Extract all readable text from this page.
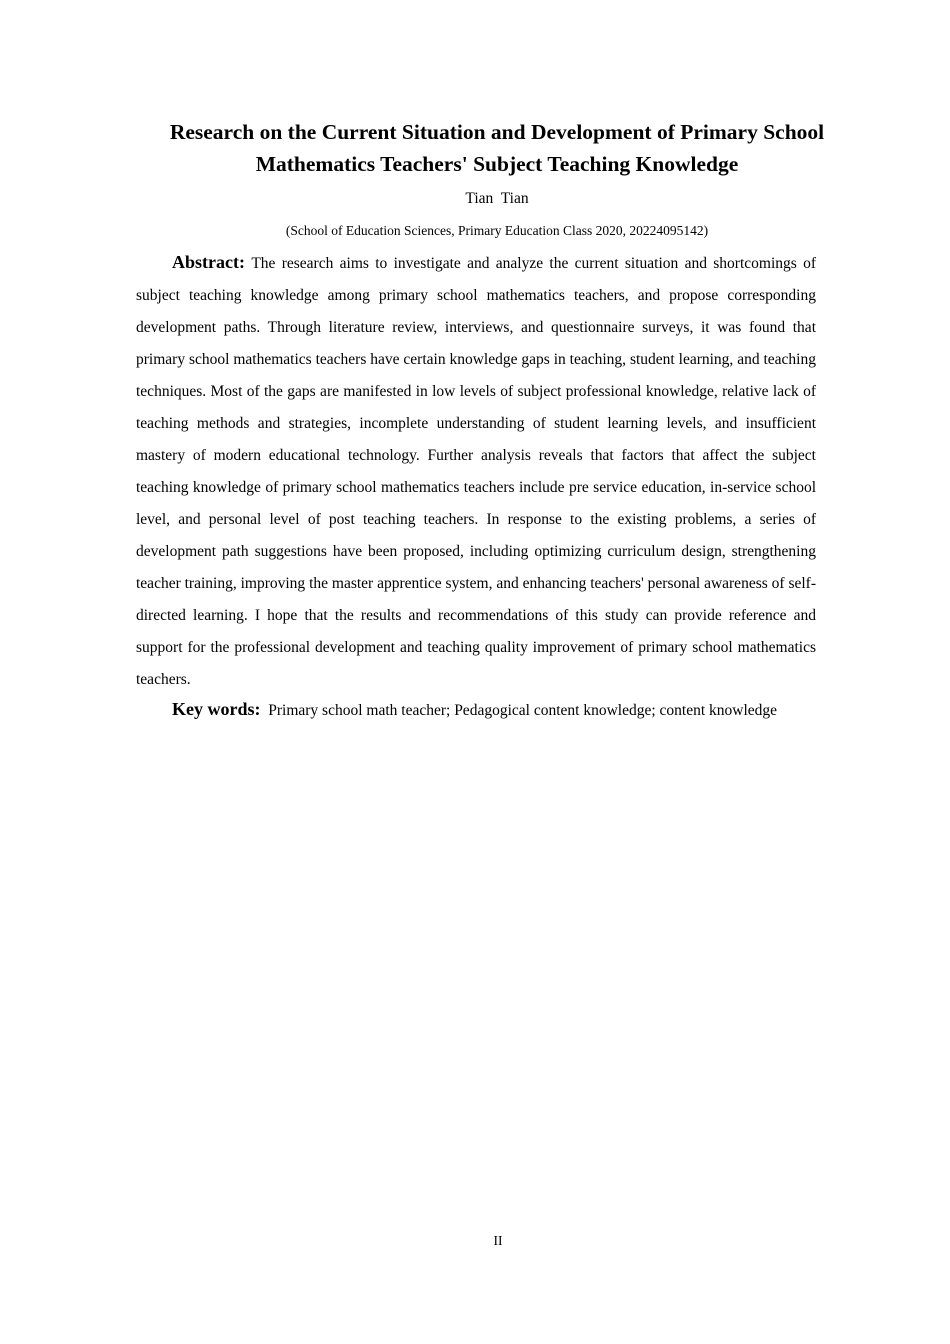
Research on the Current Situation and Development of Primary School Mathematics Teachers' Subject Teaching Knowledge
Tian  Tian
(School of Education Sciences, Primary Education Class 2020, 20224095142)

Abstract: The research aims to investigate and analyze the current situation and shortcomings of subject teaching knowledge among primary school mathematics teachers, and propose corresponding development paths. Through literature review, interviews, and questionnaire surveys, it was found that primary school mathematics teachers have certain knowledge gaps in teaching, student learning, and teaching techniques. Most of the gaps are manifested in low levels of subject professional knowledge, relative lack of teaching methods and strategies, incomplete understanding of student learning levels, and insufficient mastery of modern educational technology. Further analysis reveals that factors that affect the subject teaching knowledge of primary school mathematics teachers include pre service education, in-service school level, and personal level of post teaching teachers. In response to the existing problems, a series of development path suggestions have been proposed, including optimizing curriculum design, strengthening teacher training, improving the master apprentice system, and enhancing teachers' personal awareness of self-directed learning. I hope that the results and recommendations of this study can provide reference and support for the professional development and teaching quality improvement of primary school mathematics teachers.

Key words: Primary school math teacher; Pedagogical content knowledge; content knowledge

II
